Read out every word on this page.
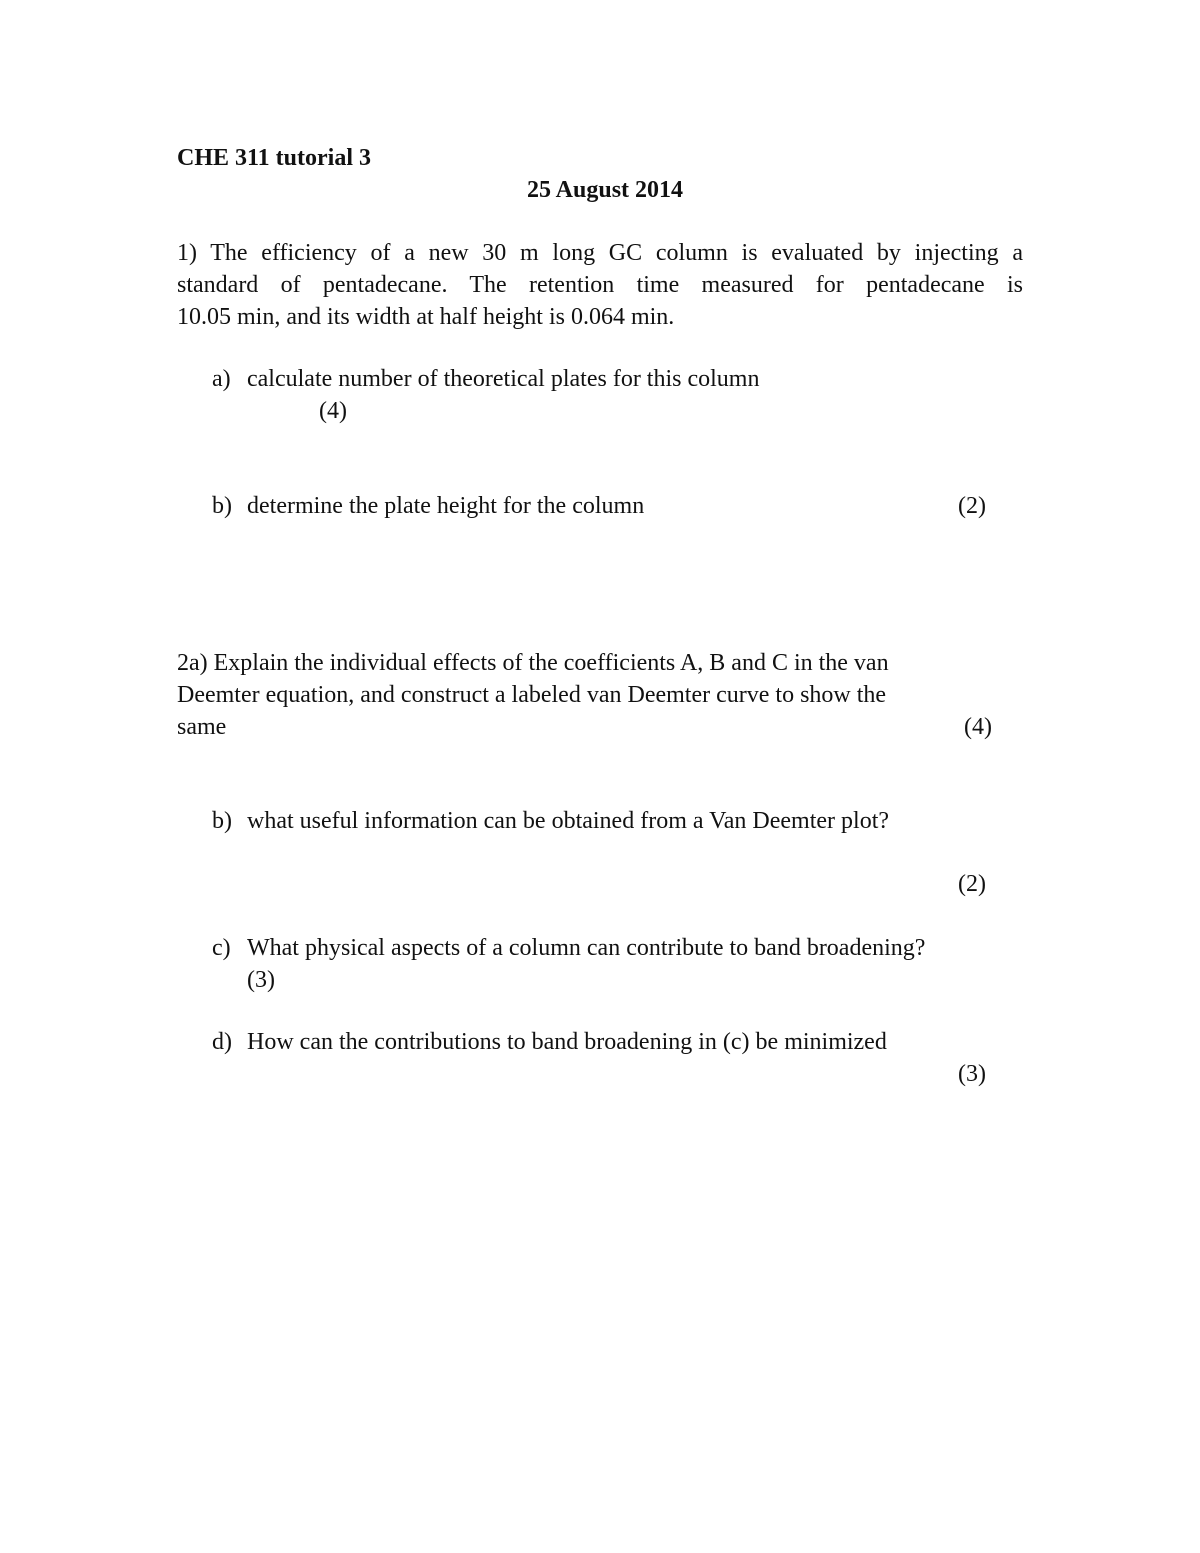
CHE 311 tutorial 3
25 August 2014
1) The efficiency of a new 30 m long GC column is evaluated by injecting a
standard of pentadecane. The retention time measured for pentadecane is
10.05 min, and its width at half height is 0.064 min.
a) calculate number of theoretical plates for this column
(4)
b) determine the plate height for the column	(2)
2a) Explain the individual effects of the coefficients A, B and C in the van
Deemter equation, and construct a labeled van Deemter curve to show the
same	(4)
b) what useful information can be obtained from a Van Deemter plot?
(2)
c) What physical aspects of a column can contribute to band broadening?
(3)
d) How can the contributions to band broadening in (c) be minimized
(3)
